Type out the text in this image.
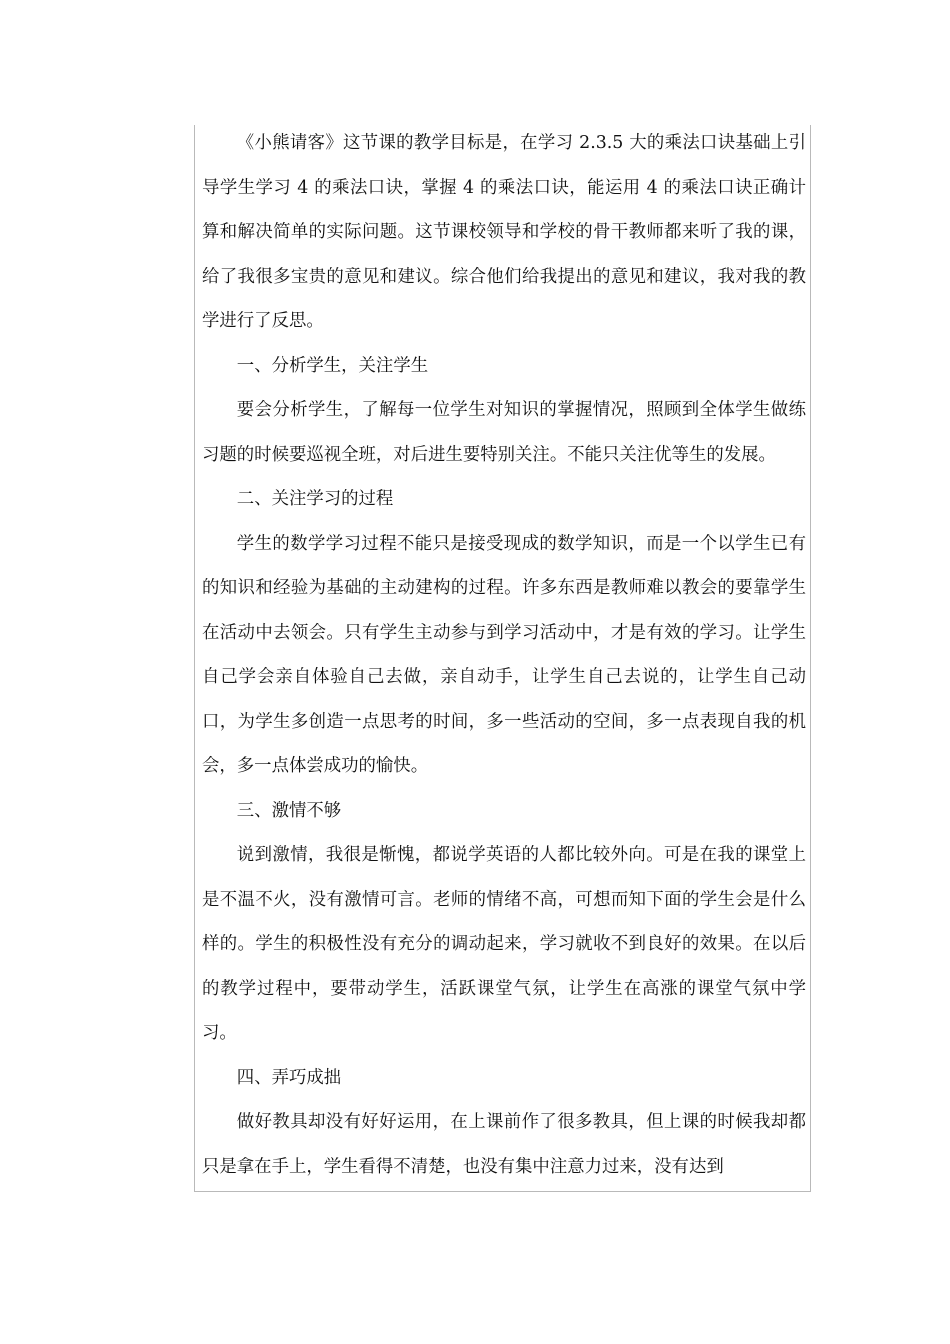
《小熊请客》这节课的教学目标是，在学习 2.3.5 大的乘法口诀基础上引导学生学习 4 的乘法口诀，掌握 4 的乘法口诀，能运用 4 的乘法口诀正确计算和解决简单的实际问题。这节课校领导和学校的骨干教师都来听了我的课，给了我很多宝贵的意见和建议。综合他们给我提出的意见和建议，我对我的教学进行了反思。

一、分析学生，关注学生

要会分析学生，了解每一位学生对知识的掌握情况，照顾到全体学生做练习题的时候要巡视全班，对后进生要特别关注。不能只关注优等生的发展。

二、关注学习的过程

学生的数学学习过程不能只是接受现成的数学知识，而是一个以学生已有的知识和经验为基础的主动建构的过程。许多东西是教师难以教会的要靠学生在活动中去领会。只有学生主动参与到学习活动中，才是有效的学习。让学生自己学会亲自体验自己去做，亲自动手，让学生自己去说的，让学生自己动口，为学生多创造一点思考的时间，多一些活动的空间，多一点表现自我的机会，多一点体尝成功的愉快。

三、激情不够

说到激情，我很是惭愧，都说学英语的人都比较外向。可是在我的课堂上是不温不火，没有激情可言。老师的情绪不高，可想而知下面的学生会是什么样的。学生的积极性没有充分的调动起来，学习就收不到良好的效果。在以后的教学过程中，要带动学生，活跃课堂气氛，让学生在高涨的课堂气氛中学习。

四、弄巧成拙

做好教具却没有好好运用，在上课前作了很多教具，但上课的时候我却都只是拿在手上，学生看得不清楚，也没有集中注意力过来，没有达到
